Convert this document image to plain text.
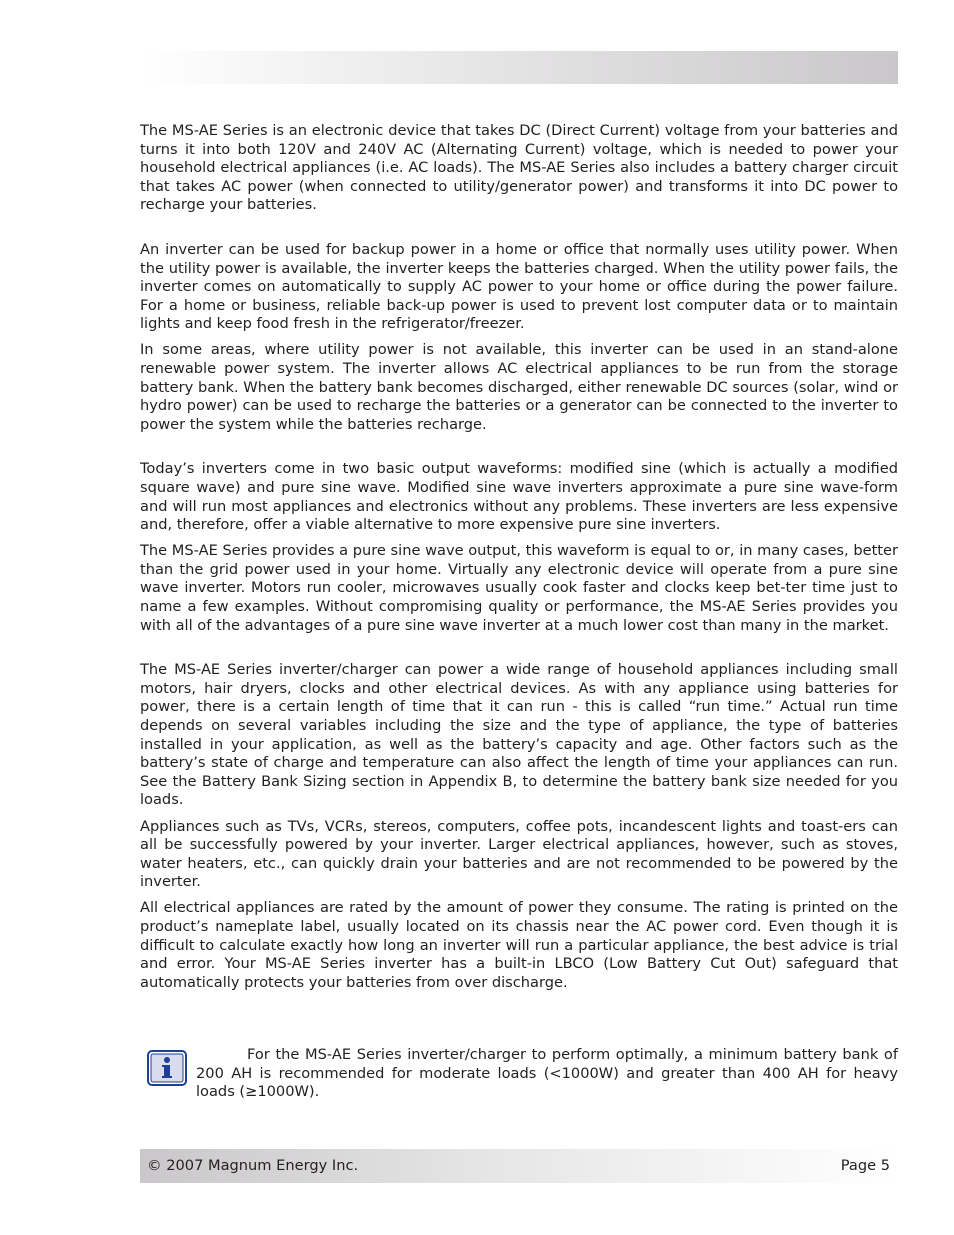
The MS-AE Series is an electronic device that takes DC (Direct Current) voltage from your batteries and turns it into both 120V and 240V AC (Alternating Current) voltage, which is needed to power your household electrical appliances (i.e. AC loads). The MS-AE Series also includes a battery charger circuit that takes AC power (when connected to utility/generator power) and transforms it into DC power to recharge your batteries.

An inverter can be used for backup power in a home or office that normally uses utility power. When the utility power is available, the inverter keeps the batteries charged. When the utility power fails, the inverter comes on automatically to supply AC power to your home or office during the power failure. For a home or business, reliable back-up power is used to prevent lost computer data or to maintain lights and keep food fresh in the refrigerator/freezer.

In some areas, where utility power is not available, this inverter can be used in an stand-alone renewable power system. The inverter allows AC electrical appliances to be run from the storage battery bank. When the battery bank becomes discharged, either renewable DC sources (solar, wind or hydro power) can be used to recharge the batteries or a generator can be connected to the inverter to power the system while the batteries recharge.

Today’s inverters come in two basic output waveforms: modified sine (which is actually a modified square wave) and pure sine wave. Modified sine wave inverters approximate a pure sine wave-form and will run most appliances and electronics without any problems. These inverters are less expensive and, therefore, offer a viable alternative to more expensive pure sine inverters.

The MS-AE Series provides a pure sine wave output, this waveform is equal to or, in many cases, better than the grid power used in your home. Virtually any electronic device will operate from a pure sine wave inverter. Motors run cooler, microwaves usually cook faster and clocks keep bet-ter time just to name a few examples. Without compromising quality or performance, the MS-AE Series provides you with all of the advantages of a pure sine wave inverter at a much lower cost than many in the market.

The MS-AE Series inverter/charger can power a wide range of household appliances including small motors, hair dryers, clocks and other electrical devices. As with any appliance using batteries for power, there is a certain length of time that it can run - this is called “run time.” Actual run time depends on several variables including the size and the type of appliance, the type of batteries installed in your application, as well as the battery’s capacity and age. Other factors such as the battery’s state of charge and temperature can also affect the length of time your appliances can run. See the Battery Bank Sizing section in Appendix B, to determine the battery bank size needed for you loads.

Appliances such as TVs, VCRs, stereos, computers, coffee pots, incandescent lights and toast-ers can all be successfully powered by your inverter. Larger electrical appliances, however, such as stoves, water heaters, etc., can quickly drain your batteries and are not recommended to be powered by the inverter.

All electrical appliances are rated by the amount of power they consume. The rating is printed on the product’s nameplate label, usually located on its chassis near the AC power cord. Even though it is difficult to calculate exactly how long an inverter will run a particular appliance, the best advice is trial and error. Your MS-AE Series inverter has a built-in LBCO (Low Battery Cut Out) safeguard that automatically protects your batteries from over discharge.

For the MS-AE Series inverter/charger to perform optimally, a minimum battery bank of 200 AH is recommended for moderate loads (<1000W) and greater than 400 AH for heavy loads (≥1000W).

© 2007 Magnum Energy Inc.	Page 5
